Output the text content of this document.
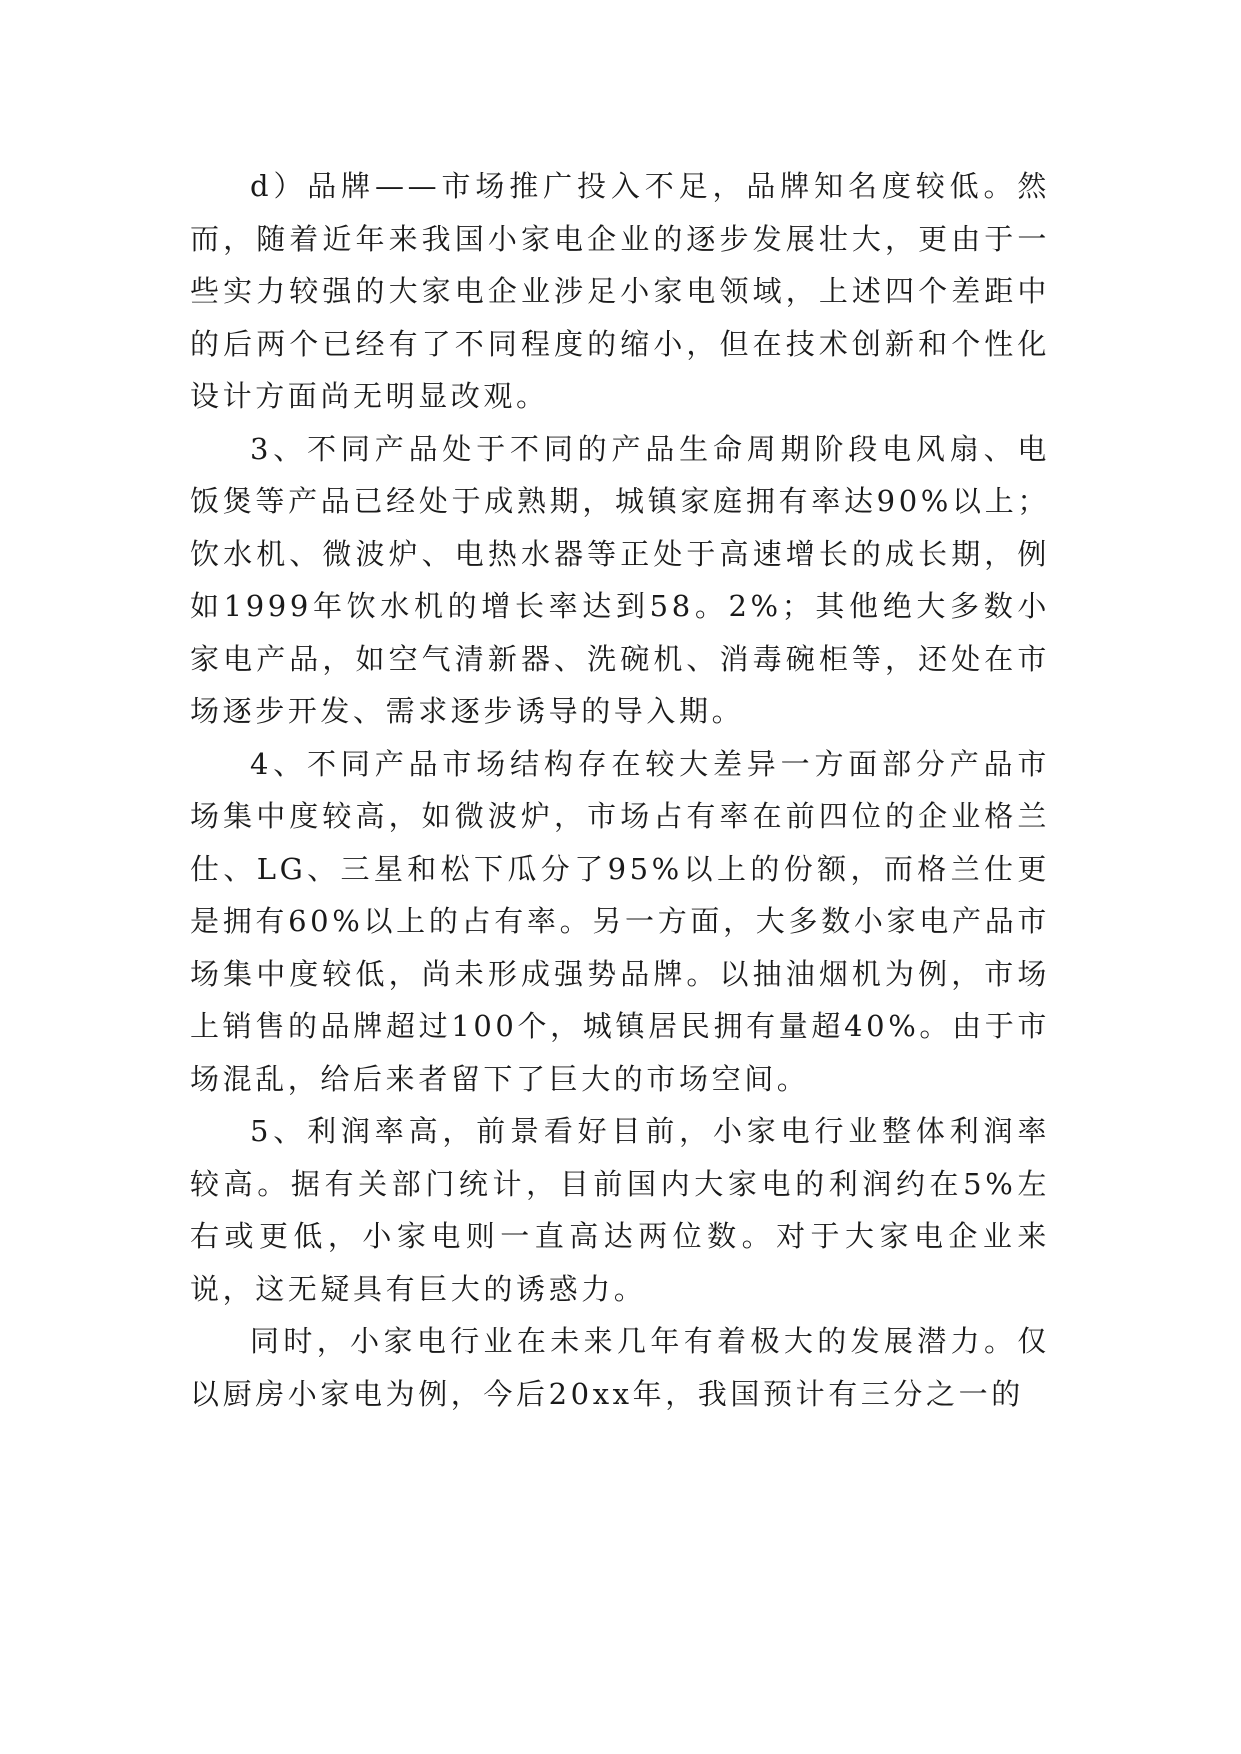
d）品牌——市场推广投入不足，品牌知名度较低。然而，随着近年来我国小家电企业的逐步发展壮大，更由于一些实力较强的大家电企业涉足小家电领域，上述四个差距中的后两个已经有了不同程度的缩小，但在技术创新和个性化设计方面尚无明显改观。

3、不同产品处于不同的产品生命周期阶段电风扇、电饭煲等产品已经处于成熟期，城镇家庭拥有率达90%以上；饮水机、微波炉、电热水器等正处于高速增长的成长期，例如1999年饮水机的增长率达到58。2%；其他绝大多数小家电产品，如空气清新器、洗碗机、消毒碗柜等，还处在市场逐步开发、需求逐步诱导的导入期。

4、不同产品市场结构存在较大差异一方面部分产品市场集中度较高，如微波炉，市场占有率在前四位的企业格兰仕、LG、三星和松下瓜分了95%以上的份额，而格兰仕更是拥有60%以上的占有率。另一方面，大多数小家电产品市场集中度较低，尚未形成强势品牌。以抽油烟机为例，市场上销售的品牌超过100个，城镇居民拥有量超40%。由于市场混乱，给后来者留下了巨大的市场空间。

5、利润率高，前景看好目前，小家电行业整体利润率较高。据有关部门统计，目前国内大家电的利润约在5%左右或更低，小家电则一直高达两位数。对于大家电企业来说，这无疑具有巨大的诱惑力。

同时，小家电行业在未来几年有着极大的发展潜力。仅以厨房小家电为例，今后20xx年，我国预计有三分之一的
